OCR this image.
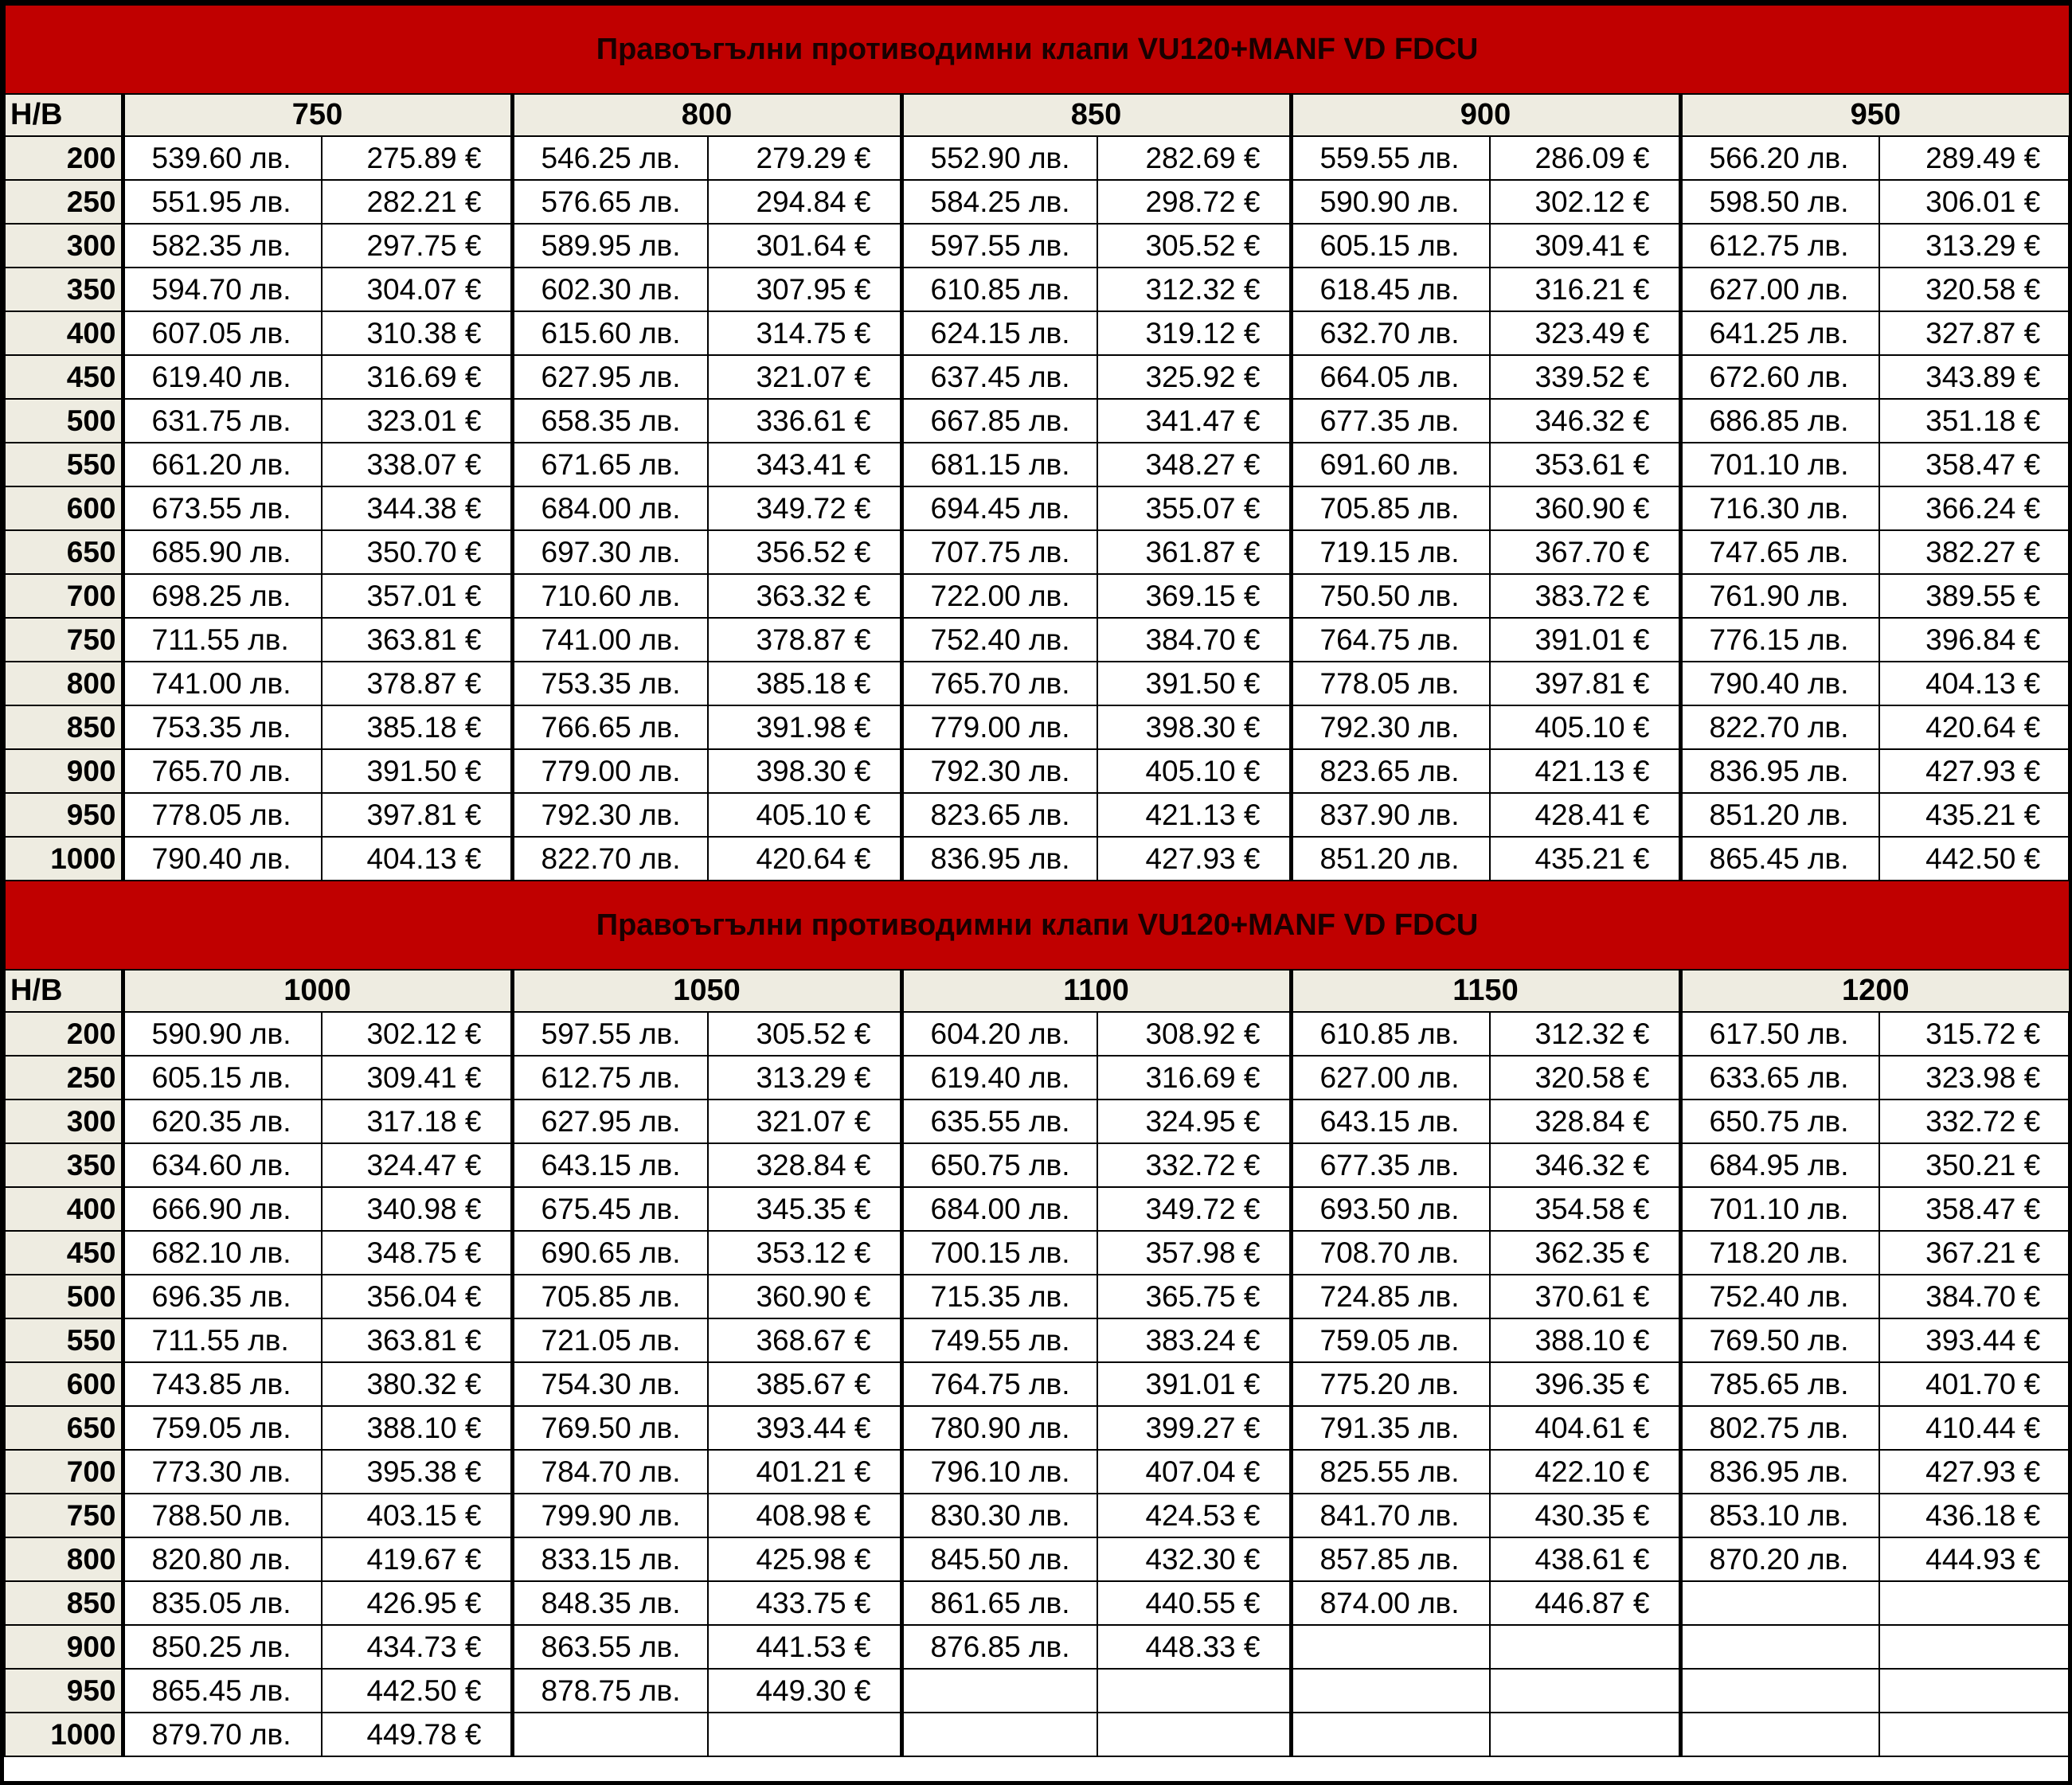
Правоъгълни противодимни клапи VU120+MANF VD FDCU										
Н/В	750		800		850		900		950	
200	539.60 лв.	275.89 €	546.25 лв.	279.29 €	552.90 лв.	282.69 €	559.55 лв.	286.09 €	566.20 лв.	289.49 €
250	551.95 лв.	282.21 €	576.65 лв.	294.84 €	584.25 лв.	298.72 €	590.90 лв.	302.12 €	598.50 лв.	306.01 €
300	582.35 лв.	297.75 €	589.95 лв.	301.64 €	597.55 лв.	305.52 €	605.15 лв.	309.41 €	612.75 лв.	313.29 €
350	594.70 лв.	304.07 €	602.30 лв.	307.95 €	610.85 лв.	312.32 €	618.45 лв.	316.21 €	627.00 лв.	320.58 €
400	607.05 лв.	310.38 €	615.60 лв.	314.75 €	624.15 лв.	319.12 €	632.70 лв.	323.49 €	641.25 лв.	327.87 €
450	619.40 лв.	316.69 €	627.95 лв.	321.07 €	637.45 лв.	325.92 €	664.05 лв.	339.52 €	672.60 лв.	343.89 €
500	631.75 лв.	323.01 €	658.35 лв.	336.61 €	667.85 лв.	341.47 €	677.35 лв.	346.32 €	686.85 лв.	351.18 €
550	661.20 лв.	338.07 €	671.65 лв.	343.41 €	681.15 лв.	348.27 €	691.60 лв.	353.61 €	701.10 лв.	358.47 €
600	673.55 лв.	344.38 €	684.00 лв.	349.72 €	694.45 лв.	355.07 €	705.85 лв.	360.90 €	716.30 лв.	366.24 €
650	685.90 лв.	350.70 €	697.30 лв.	356.52 €	707.75 лв.	361.87 €	719.15 лв.	367.70 €	747.65 лв.	382.27 €
700	698.25 лв.	357.01 €	710.60 лв.	363.32 €	722.00 лв.	369.15 €	750.50 лв.	383.72 €	761.90 лв.	389.55 €
750	711.55 лв.	363.81 €	741.00 лв.	378.87 €	752.40 лв.	384.70 €	764.75 лв.	391.01 €	776.15 лв.	396.84 €
800	741.00 лв.	378.87 €	753.35 лв.	385.18 €	765.70 лв.	391.50 €	778.05 лв.	397.81 €	790.40 лв.	404.13 €
850	753.35 лв.	385.18 €	766.65 лв.	391.98 €	779.00 лв.	398.30 €	792.30 лв.	405.10 €	822.70 лв.	420.64 €
900	765.70 лв.	391.50 €	779.00 лв.	398.30 €	792.30 лв.	405.10 €	823.65 лв.	421.13 €	836.95 лв.	427.93 €
950	778.05 лв.	397.81 €	792.30 лв.	405.10 €	823.65 лв.	421.13 €	837.90 лв.	428.41 €	851.20 лв.	435.21 €
1000	790.40 лв.	404.13 €	822.70 лв.	420.64 €	836.95 лв.	427.93 €	851.20 лв.	435.21 €	865.45 лв.	442.50 €
Правоъгълни противодимни клапи VU120+MANF VD FDCU										
Н/В	1000		1050		1100		1150		1200	
200	590.90 лв.	302.12 €	597.55 лв.	305.52 €	604.20 лв.	308.92 €	610.85 лв.	312.32 €	617.50 лв.	315.72 €
250	605.15 лв.	309.41 €	612.75 лв.	313.29 €	619.40 лв.	316.69 €	627.00 лв.	320.58 €	633.65 лв.	323.98 €
300	620.35 лв.	317.18 €	627.95 лв.	321.07 €	635.55 лв.	324.95 €	643.15 лв.	328.84 €	650.75 лв.	332.72 €
350	634.60 лв.	324.47 €	643.15 лв.	328.84 €	650.75 лв.	332.72 €	677.35 лв.	346.32 €	684.95 лв.	350.21 €
400	666.90 лв.	340.98 €	675.45 лв.	345.35 €	684.00 лв.	349.72 €	693.50 лв.	354.58 €	701.10 лв.	358.47 €
450	682.10 лв.	348.75 €	690.65 лв.	353.12 €	700.15 лв.	357.98 €	708.70 лв.	362.35 €	718.20 лв.	367.21 €
500	696.35 лв.	356.04 €	705.85 лв.	360.90 €	715.35 лв.	365.75 €	724.85 лв.	370.61 €	752.40 лв.	384.70 €
550	711.55 лв.	363.81 €	721.05 лв.	368.67 €	749.55 лв.	383.24 €	759.05 лв.	388.10 €	769.50 лв.	393.44 €
600	743.85 лв.	380.32 €	754.30 лв.	385.67 €	764.75 лв.	391.01 €	775.20 лв.	396.35 €	785.65 лв.	401.70 €
650	759.05 лв.	388.10 €	769.50 лв.	393.44 €	780.90 лв.	399.27 €	791.35 лв.	404.61 €	802.75 лв.	410.44 €
700	773.30 лв.	395.38 €	784.70 лв.	401.21 €	796.10 лв.	407.04 €	825.55 лв.	422.10 €	836.95 лв.	427.93 €
750	788.50 лв.	403.15 €	799.90 лв.	408.98 €	830.30 лв.	424.53 €	841.70 лв.	430.35 €	853.10 лв.	436.18 €
800	820.80 лв.	419.67 €	833.15 лв.	425.98 €	845.50 лв.	432.30 €	857.85 лв.	438.61 €	870.20 лв.	444.93 €
850	835.05 лв.	426.95 €	848.35 лв.	433.75 €	861.65 лв.	440.55 €	874.00 лв.	446.87 €		
900	850.25 лв.	434.73 €	863.55 лв.	441.53 €	876.85 лв.	448.33 €				
950	865.45 лв.	442.50 €	878.75 лв.	449.30 €						
1000	879.70 лв.	449.78 €								
